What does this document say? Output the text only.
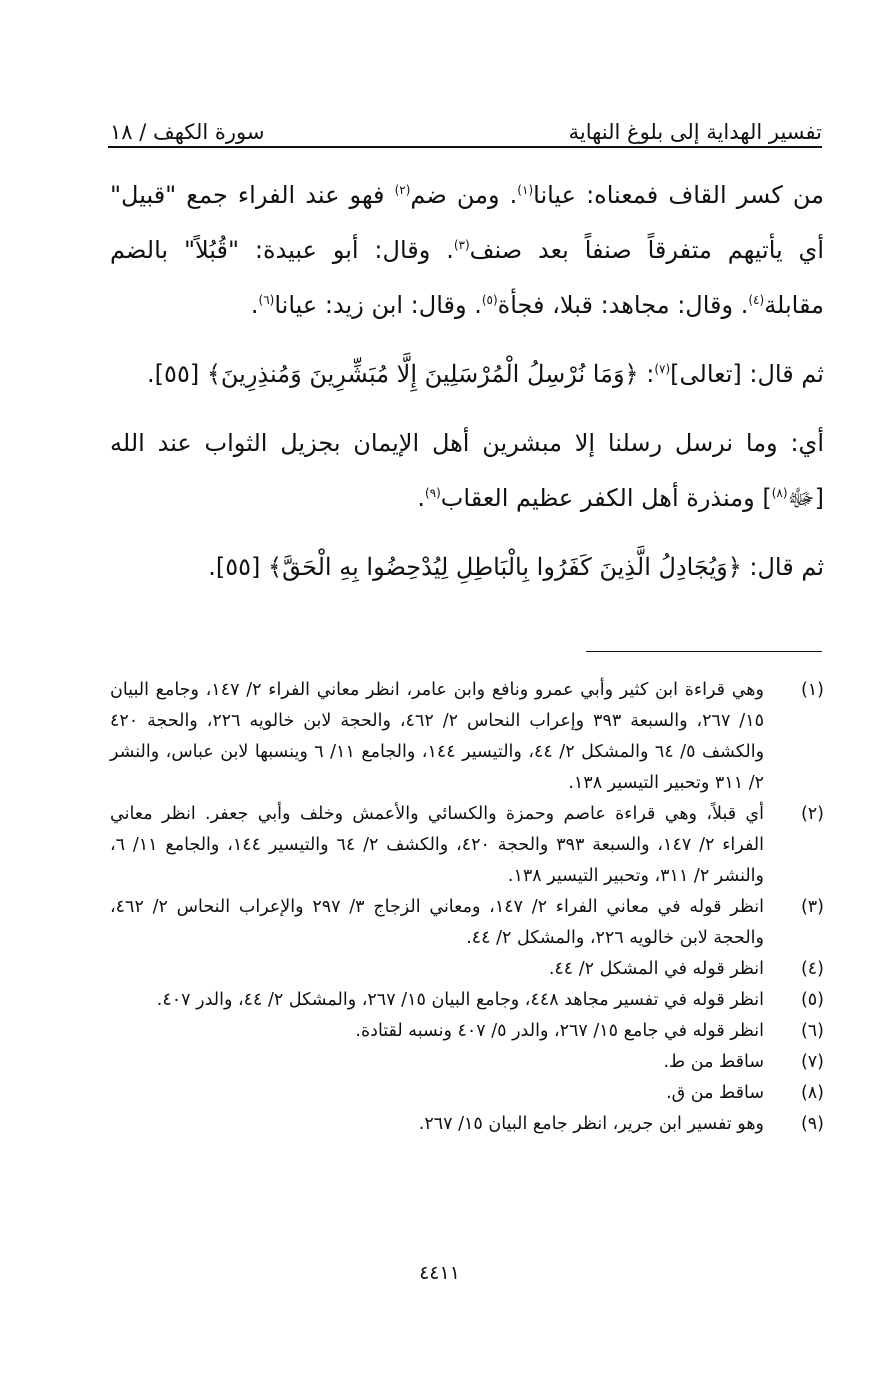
تفسير الهداية إلى بلوغ النهاية
سورة الكهف / ١٨

من كسر القاف فمعناه: عيانا$^{(١)}$. ومن ضم$^{(٢)}$ فهو عند الفراء جمع "قبيل" أي يأتيهم متفرقاً صنفاً بعد صنف$^{(٣)}$. وقال: أبو عبيدة: "قُبُلاً" بالضم مقابلة$^{(٤)}$. وقال: مجاهد: قبلا، فجأة$^{(٥)}$. وقال: ابن زيد: عيانا$^{(٦)}$.

ثم قال: [تعالى]$^{(٧)}$: ﴿وَمَا نُرْسِلُ الْمُرْسَلِينَ إِلَّا مُبَشِّرِينَ وَمُنذِرِينَ﴾ [٥٥].

أي: وما نرسل رسلنا إلا مبشرين أهل الإيمان بجزيل الثواب عند الله [ﷻ$^{(٨)}$] ومنذرة أهل الكفر عظيم العقاب$^{(٩)}$.

ثم قال: ﴿وَيُجَادِلُ الَّذِينَ كَفَرُوا بِالْبَاطِلِ لِيُدْحِضُوا بِهِ الْحَقَّ﴾ [٥٥].

(١)
وهي قراءة ابن كثير وأبي عمرو ونافع وابن عامر، انظر معاني الفراء ٢/ ١٤٧، وجامع البيان ١٥/ ٢٦٧، والسبعة ٣٩٣ وإعراب النحاس ٢/ ٤٦٢، والحجة لابن خالويه ٢٢٦، والحجة ٤٢٠ والكشف ٥/ ٦٤ والمشكل ٢/ ٤٤، والتيسير ١٤٤، والجامع ١١/ ٦ وينسبها لابن عباس، والنشر ٢/ ٣١١ وتحبير التيسير ١٣٨.
(٢)
أي قبلاً، وهي قراءة عاصم وحمزة والكسائي والأعمش وخلف وأبي جعفر. انظر معاني الفراء ٢/ ١٤٧، والسبعة ٣٩٣ والحجة ٤٢٠، والكشف ٢/ ٦٤ والتيسير ١٤٤، والجامع ١١/ ٦، والنشر ٢/ ٣١١، وتحبير التيسير ١٣٨.
(٣)
انظر قوله في معاني الفراء ٢/ ١٤٧، ومعاني الزجاج ٣/ ٢٩٧ والإعراب النحاس ٢/ ٤٦٢، والحجة لابن خالويه ٢٢٦، والمشكل ٢/ ٤٤.
(٤)
انظر قوله في المشكل ٢/ ٤٤.
(٥)
انظر قوله في تفسير مجاهد ٤٤٨، وجامع البيان ١٥/ ٢٦٧، والمشكل ٢/ ٤٤، والدر ٤٠٧.
(٦)
انظر قوله في جامع ١٥/ ٢٦٧، والدر ٥/ ٤٠٧ ونسبه لقتادة.
(٧)
ساقط من ط.
(٨)
ساقط من ق.
(٩)
وهو تفسير ابن جرير، انظر جامع البيان ١٥/ ٢٦٧.
٤٤١١
